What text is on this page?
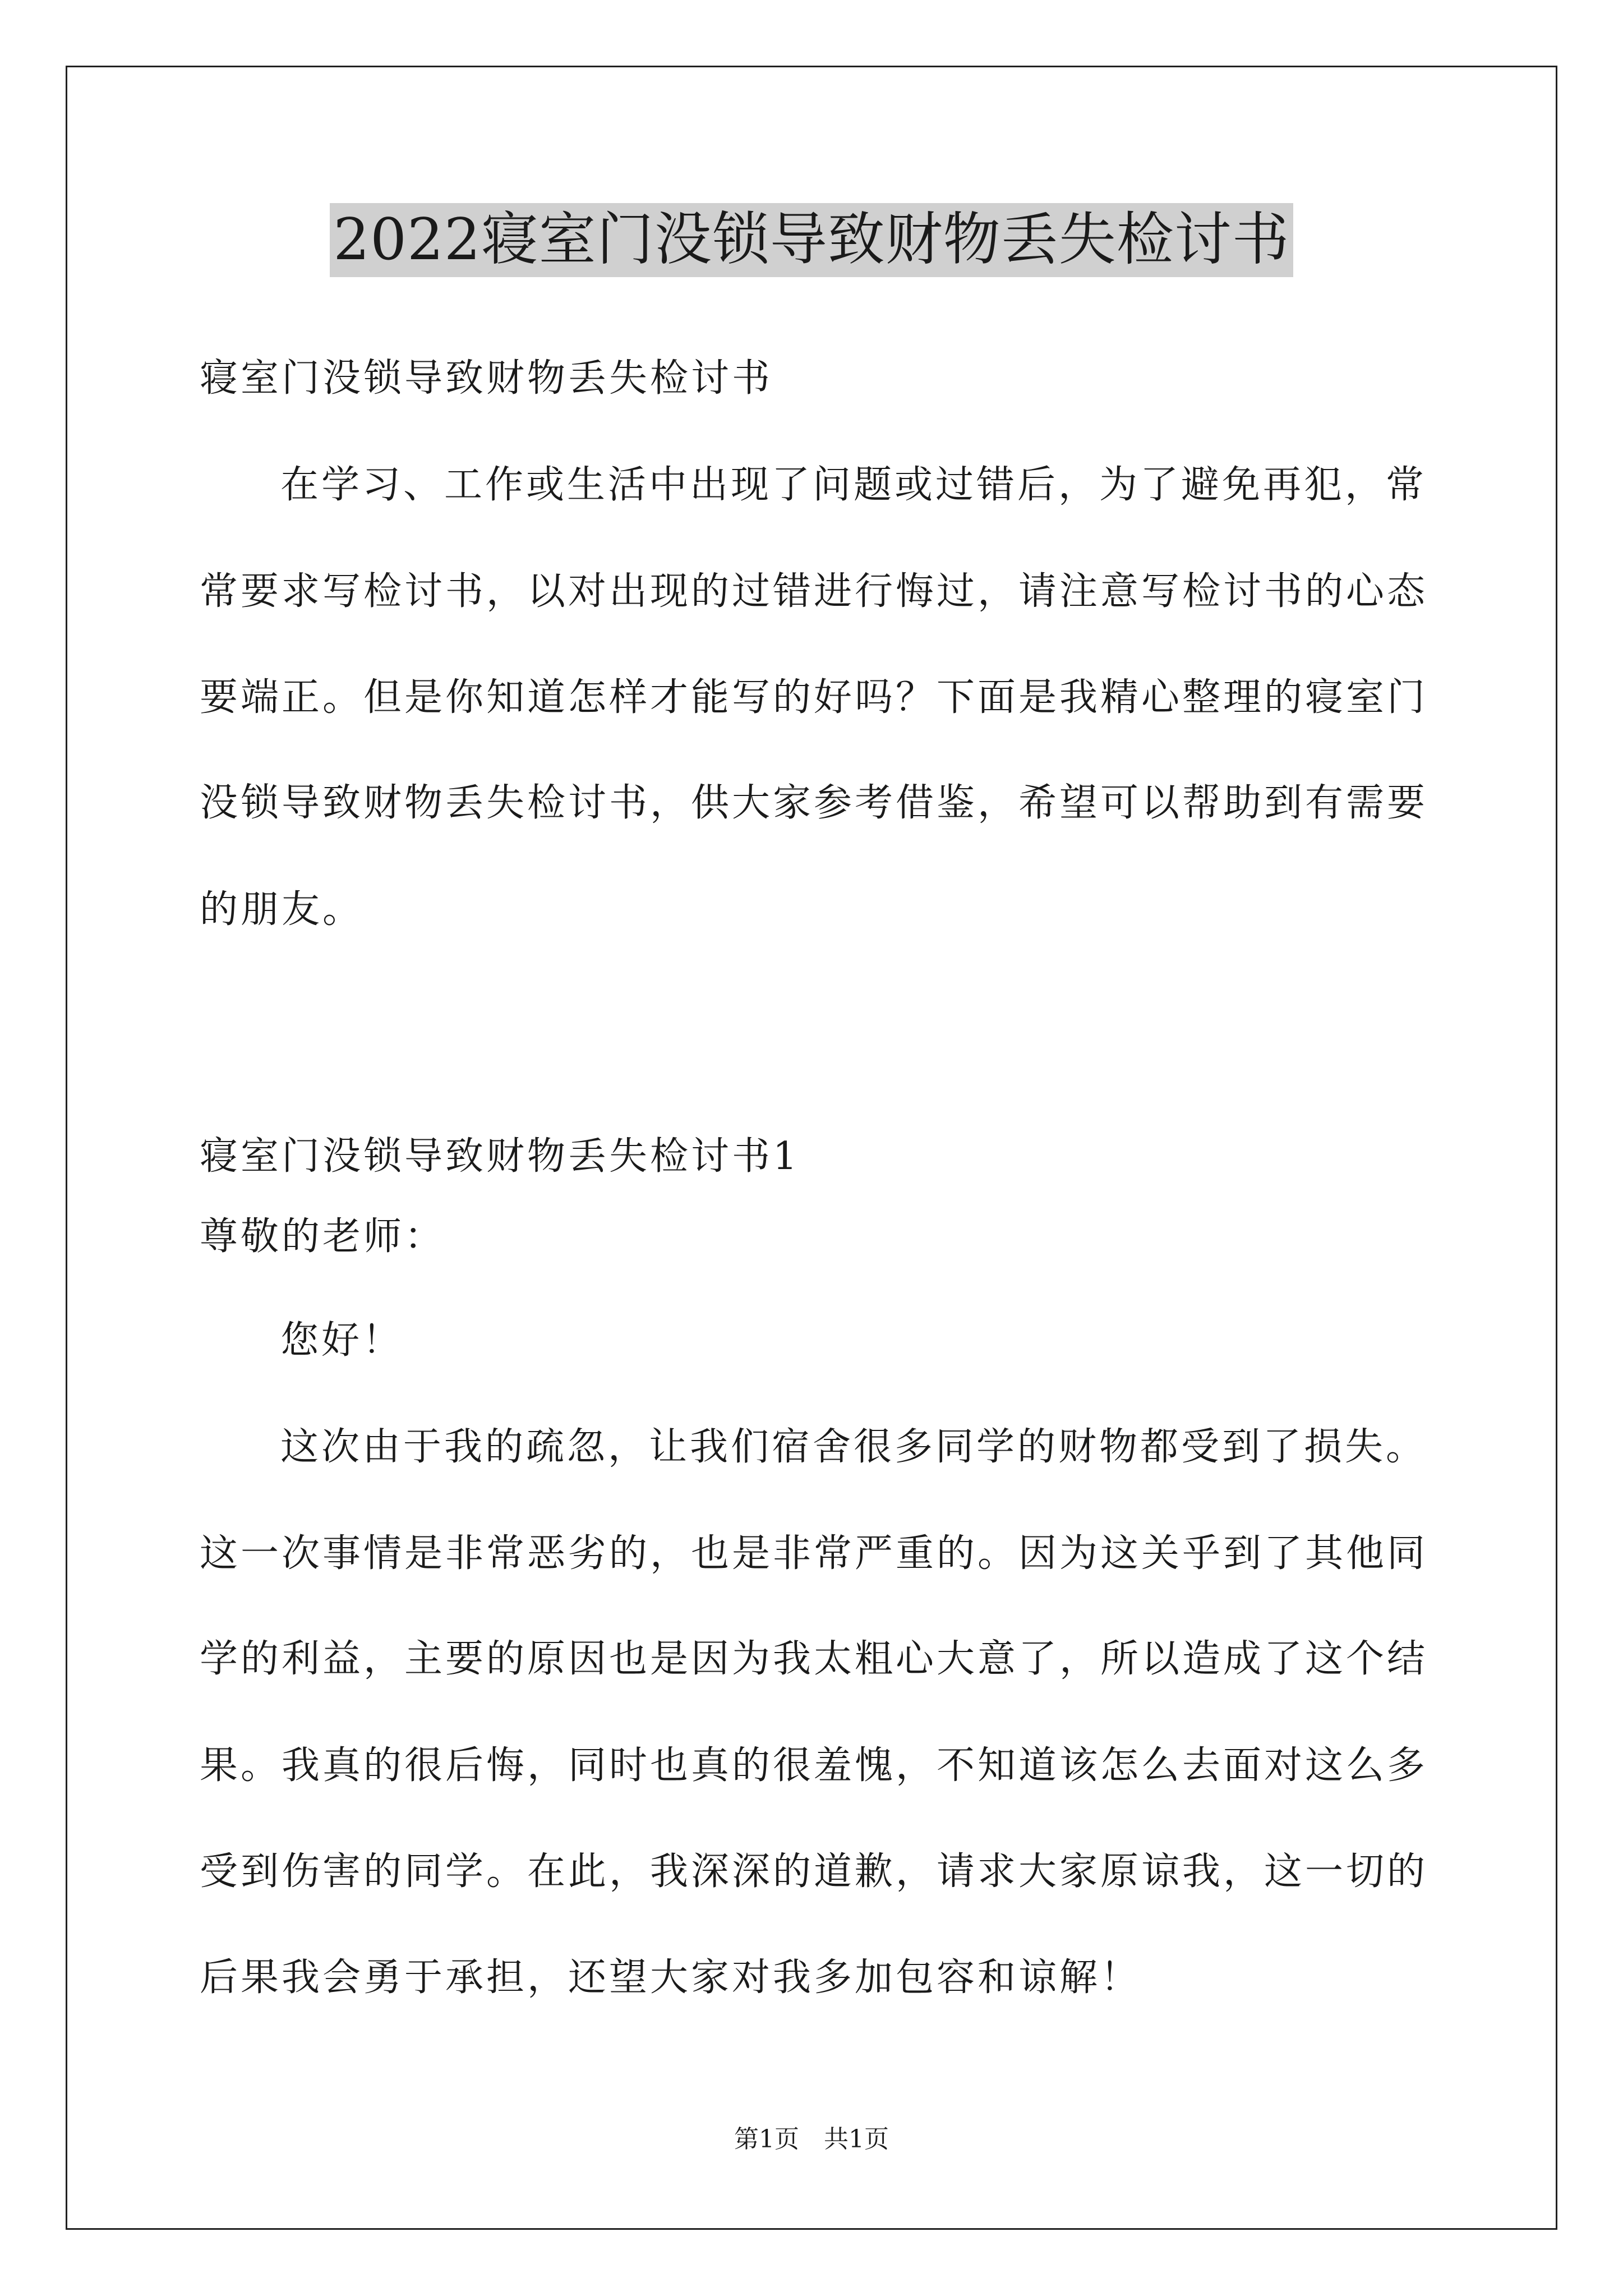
2022寝室门没锁导致财物丢失检讨书
寝室门没锁导致财物丢失检讨书
在学习、工作或生活中出现了问题或过错后，为了避免再犯，常
常要求写检讨书，以对出现的过错进行悔过，请注意写检讨书的心态
要端正。但是你知道怎样才能写的好吗？下面是我精心整理的寝室门
没锁导致财物丢失检讨书，供大家参考借鉴，希望可以帮助到有需要
的朋友。
寝室门没锁导致财物丢失检讨书1
尊敬的老师：
您好！
这次由于我的疏忽，让我们宿舍很多同学的财物都受到了损失。
这一次事情是非常恶劣的，也是非常严重的。因为这关乎到了其他同
学的利益，主要的原因也是因为我太粗心大意了，所以造成了这个结
果。我真的很后悔，同时也真的很羞愧，不知道该怎么去面对这么多
受到伤害的同学。在此，我深深的道歉，请求大家原谅我，这一切的
后果我会勇于承担，还望大家对我多加包容和谅解！
第1页　共1页
